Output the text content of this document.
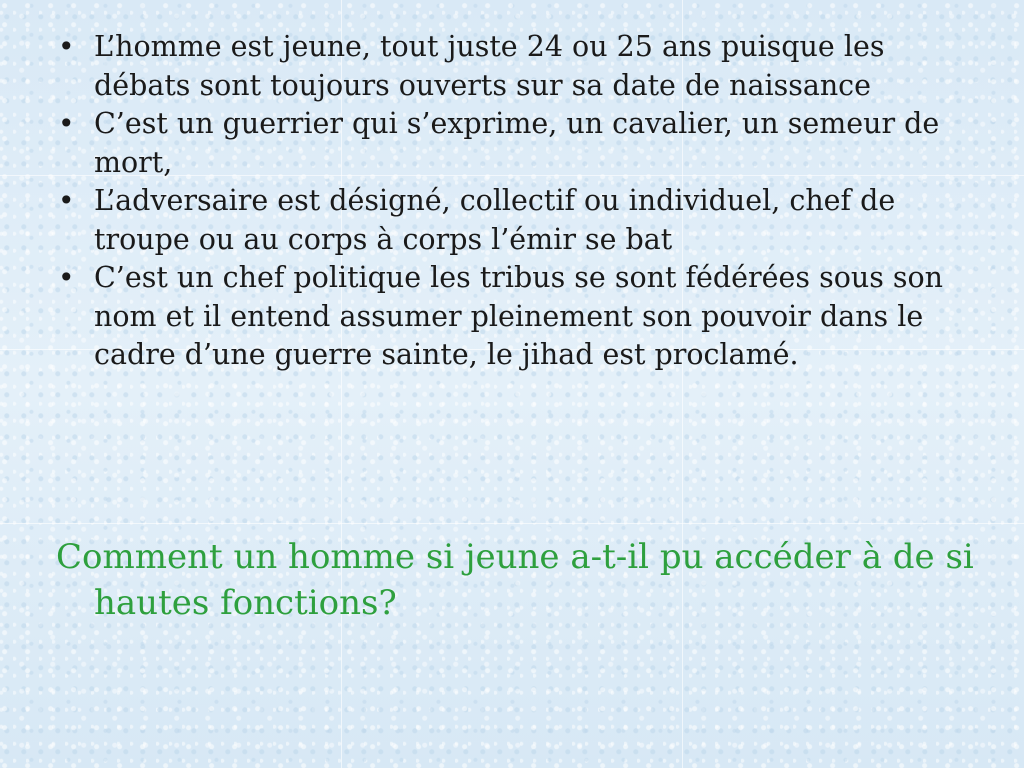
• L’homme est jeune, tout juste 24 ou 25 ans puisque les débats sont toujours ouverts sur sa date de naissance
• C’est un guerrier qui s’exprime, un cavalier, un semeur de mort,
• L’adversaire est désigné, collectif ou individuel, chef de troupe ou au corps à corps l’émir se bat
• C’est un chef politique les tribus se sont fédérées sous son nom et il entend assumer pleinement son pouvoir dans le cadre d’une guerre sainte, le jihad est proclamé.
Comment un homme si jeune a-t-il pu accéder à de si hautes fonctions?
